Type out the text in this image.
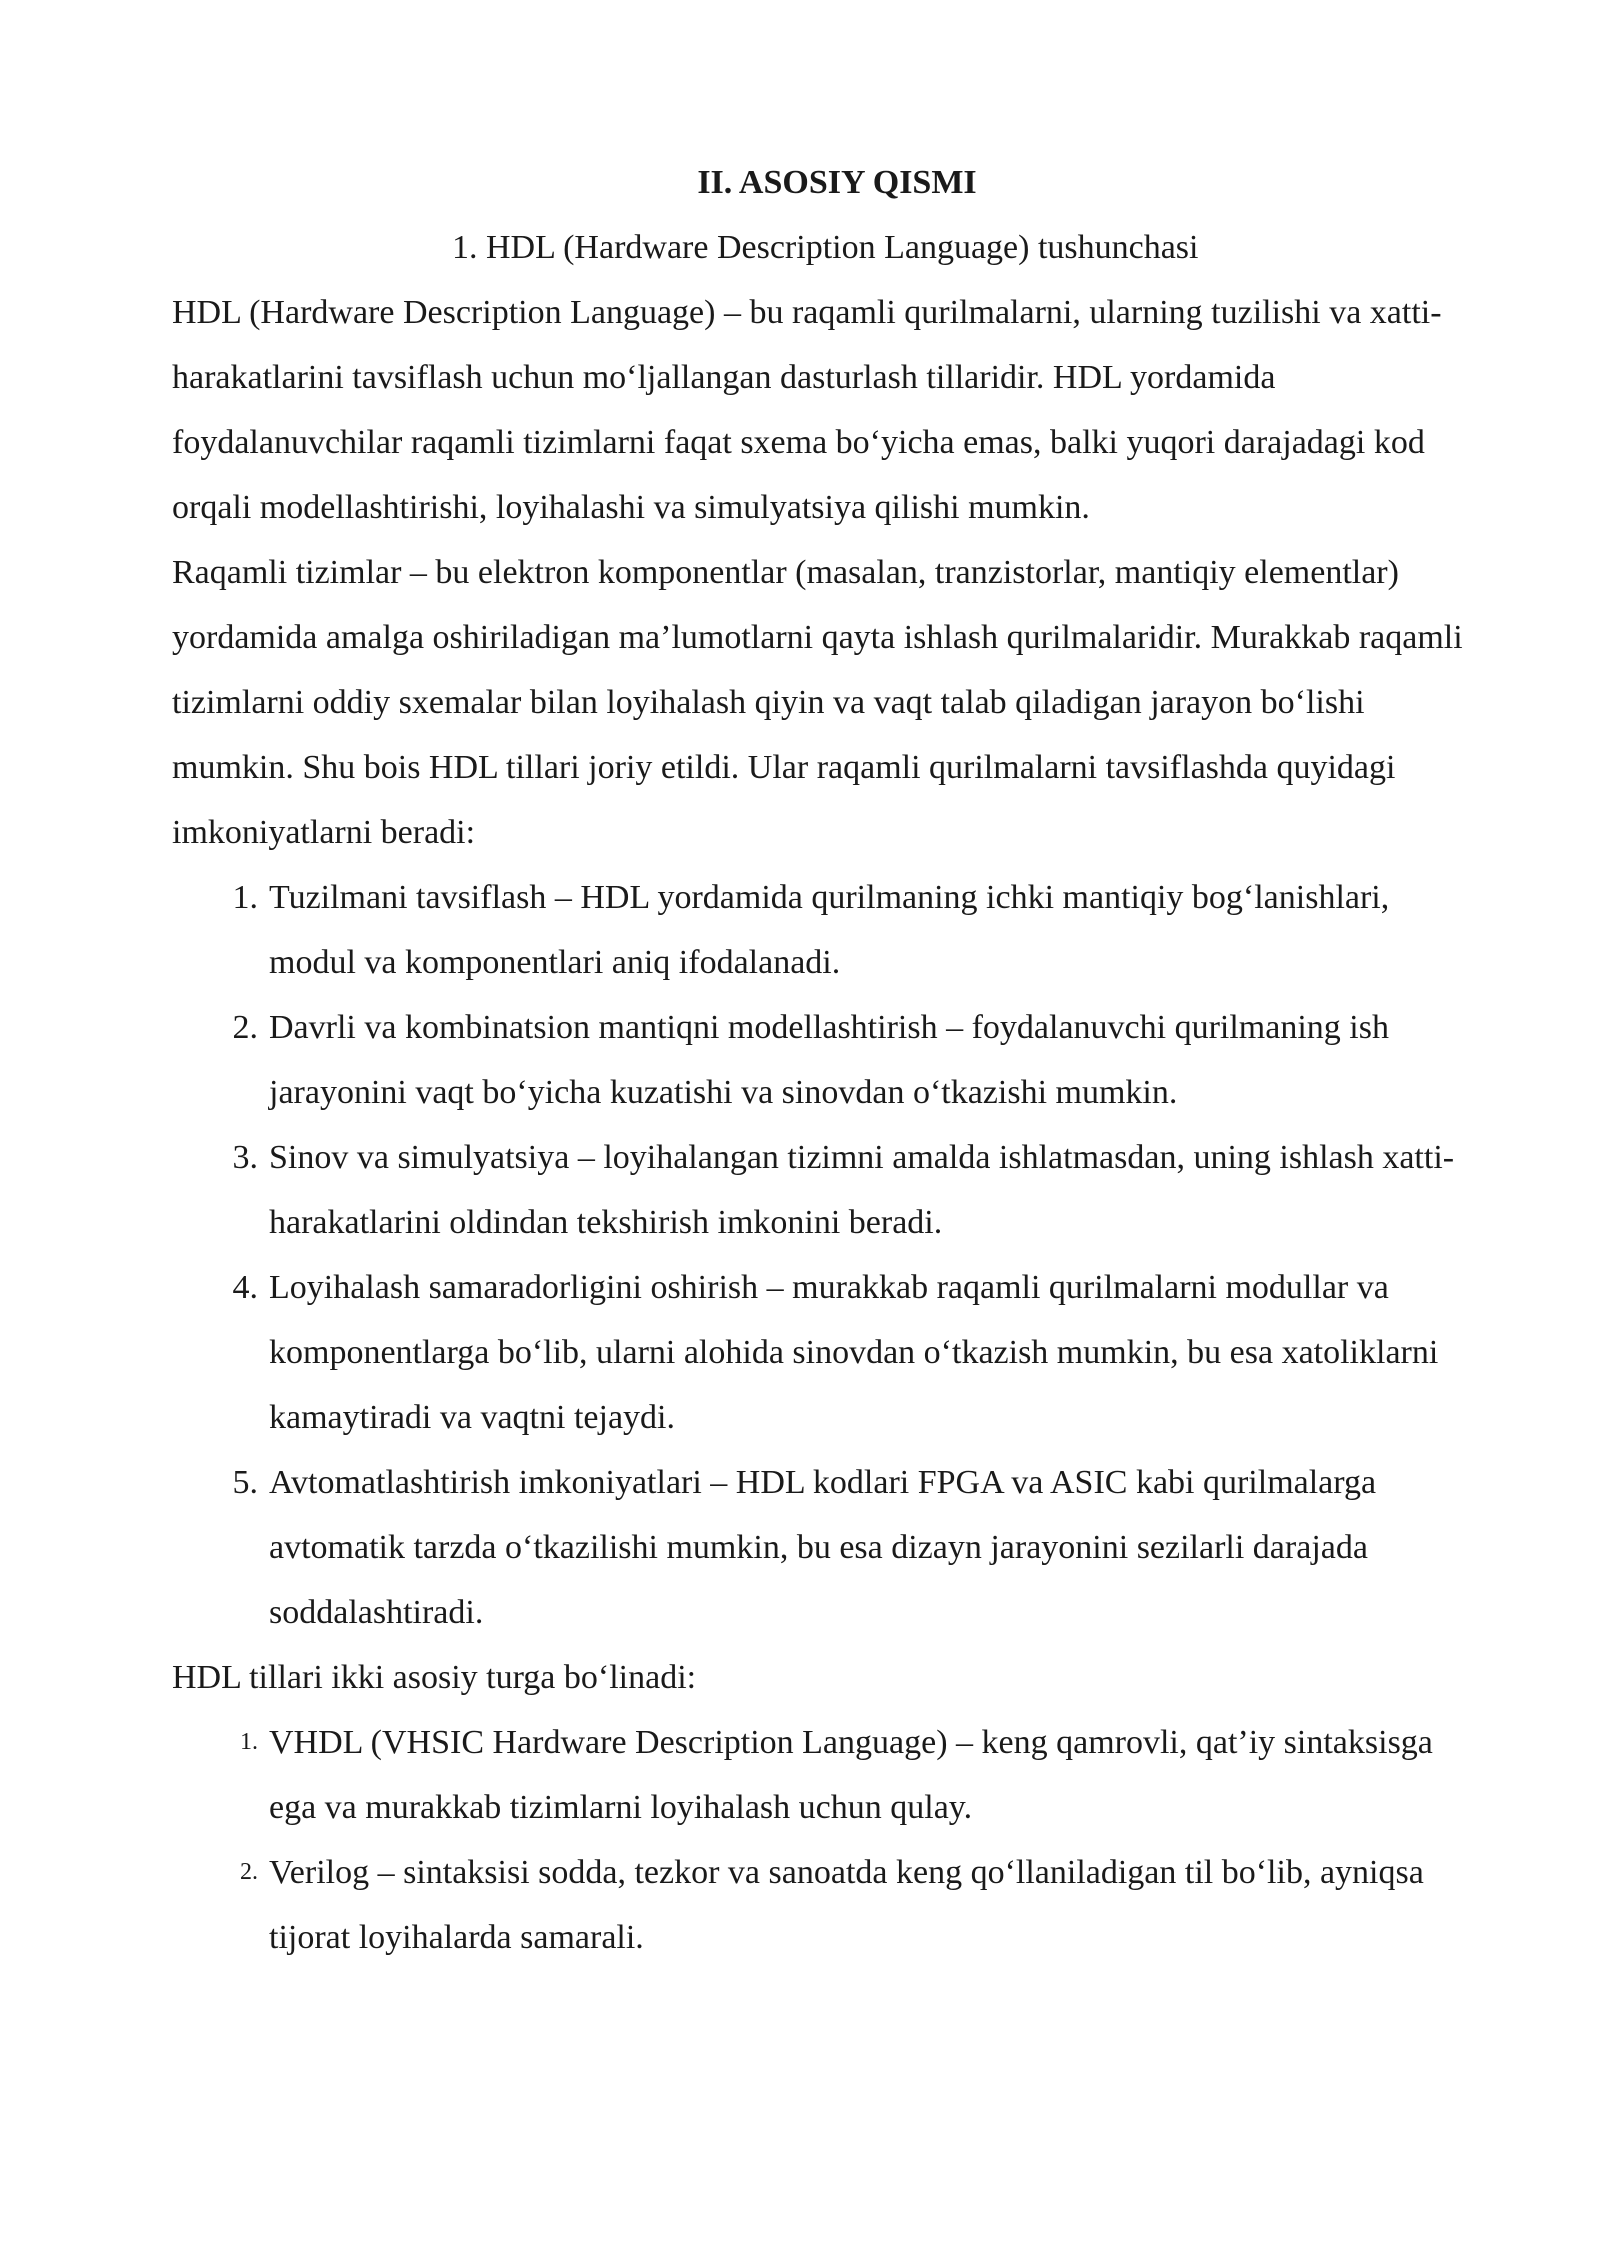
II. ASOSIY QISMI

1. HDL (Hardware Description Language) tushunchasi

HDL (Hardware Description Language) – bu raqamli qurilmalarni, ularning tuzilishi va xatti-harakatlarini tavsiflash uchun mo‘ljallangan dasturlash tillaridir. HDL yordamida foydalanuvchilar raqamli tizimlarni faqat sxema bo‘yicha emas, balki yuqori darajadagi kod orqali modellashtirishi, loyihalashi va simulyatsiya qilishi mumkin.

Raqamli tizimlar – bu elektron komponentlar (masalan, tranzistorlar, mantiqiy elementlar) yordamida amalga oshiriladigan ma’lumotlarni qayta ishlash qurilmalaridir. Murakkab raqamli tizimlarni oddiy sxemalar bilan loyihalash qiyin va vaqt talab qiladigan jarayon bo‘lishi mumkin. Shu bois HDL tillari joriy etildi. Ular raqamli qurilmalarni tavsiflashda quyidagi imkoniyatlarni beradi:

1. Tuzilmani tavsiflash – HDL yordamida qurilmaning ichki mantiqiy bog‘lanishlari, modul va komponentlari aniq ifodalanadi.
2. Davrli va kombinatsion mantiqni modellashtirish – foydalanuvchi qurilmaning ish jarayonini vaqt bo‘yicha kuzatishi va sinovdan o‘tkazishi mumkin.
3. Sinov va simulyatsiya – loyihalangan tizimni amalda ishlatmasdan, uning ishlash xatti-harakatlarini oldindan tekshirish imkonini beradi.
4. Loyihalash samaradorligini oshirish – murakkab raqamli qurilmalarni modullar va komponentlarga bo‘lib, ularni alohida sinovdan o‘tkazish mumkin, bu esa xatoliklarni kamaytiradi va vaqtni tejaydi.
5. Avtomatlashtirish imkoniyatlari – HDL kodlari FPGA va ASIC kabi qurilmalarga avtomatik tarzda o‘tkazilishi mumkin, bu esa dizayn jarayonini sezilarli darajada soddalashtiradi.

HDL tillari ikki asosiy turga bo‘linadi:

1. VHDL (VHSIC Hardware Description Language) – keng qamrovli, qat’iy sintaksisga ega va murakkab tizimlarni loyihalash uchun qulay.
2. Verilog – sintaksisi sodda, tezkor va sanoatda keng qo‘llaniladigan til bo‘lib, ayniqsa tijorat loyihalarda samarali.
